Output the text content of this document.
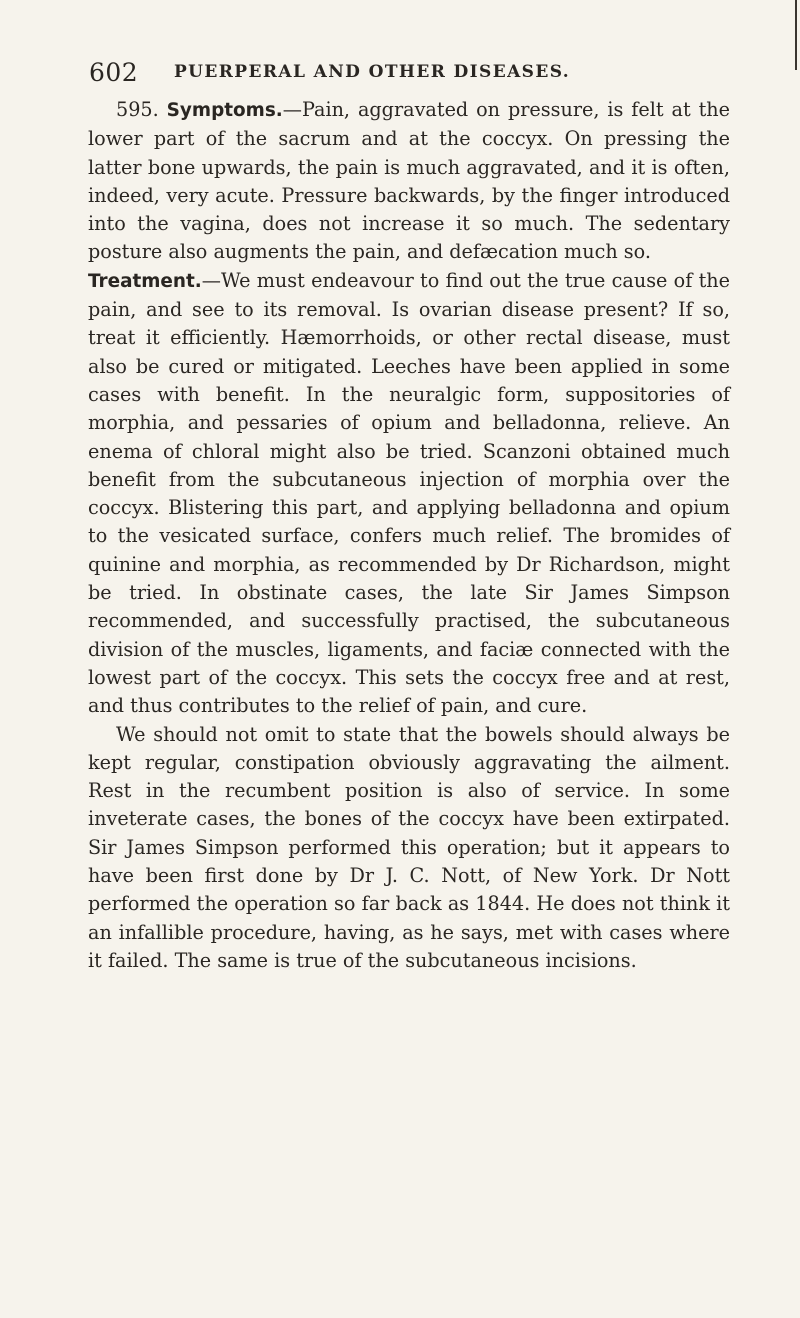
602 PUERPERAL AND OTHER DISEASES.

595. Symptoms.—Pain, aggravated on pressure, is felt at the lower part of the sacrum and at the coccyx. On pressing the latter bone upwards, the pain is much aggravated, and it is often, indeed, very acute. Pressure backwards, by the finger introduced into the vagina, does not increase it so much. The sedentary posture also augments the pain, and defæcation much so.

Treatment.—We must endeavour to find out the true cause of the pain, and see to its removal. Is ovarian disease present? If so, treat it efficiently. Hæmorrhoids, or other rectal disease, must also be cured or mitigated. Leeches have been applied in some cases with benefit. In the neuralgic form, suppositories of morphia, and pessaries of opium and belladonna, relieve. An enema of chloral might also be tried. Scanzoni obtained much benefit from the subcutaneous injection of morphia over the coccyx. Blistering this part, and applying belladonna and opium to the vesicated surface, confers much relief. The bromides of quinine and morphia, as recommended by Dr Richardson, might be tried. In obstinate cases, the late Sir James Simpson recommended, and successfully practised, the subcutaneous division of the muscles, ligaments, and faciæ connected with the lowest part of the coccyx. This sets the coccyx free and at rest, and thus contributes to the relief of pain, and cure.

We should not omit to state that the bowels should always be kept regular, constipation obviously aggravating the ailment. Rest in the recumbent position is also of service. In some inveterate cases, the bones of the coccyx have been extirpated. Sir James Simpson performed this operation; but it appears to have been first done by Dr J. C. Nott, of New York. Dr Nott performed the operation so far back as 1844. He does not think it an infallible procedure, having, as he says, met with cases where it failed. The same is true of the subcutaneous incisions.
